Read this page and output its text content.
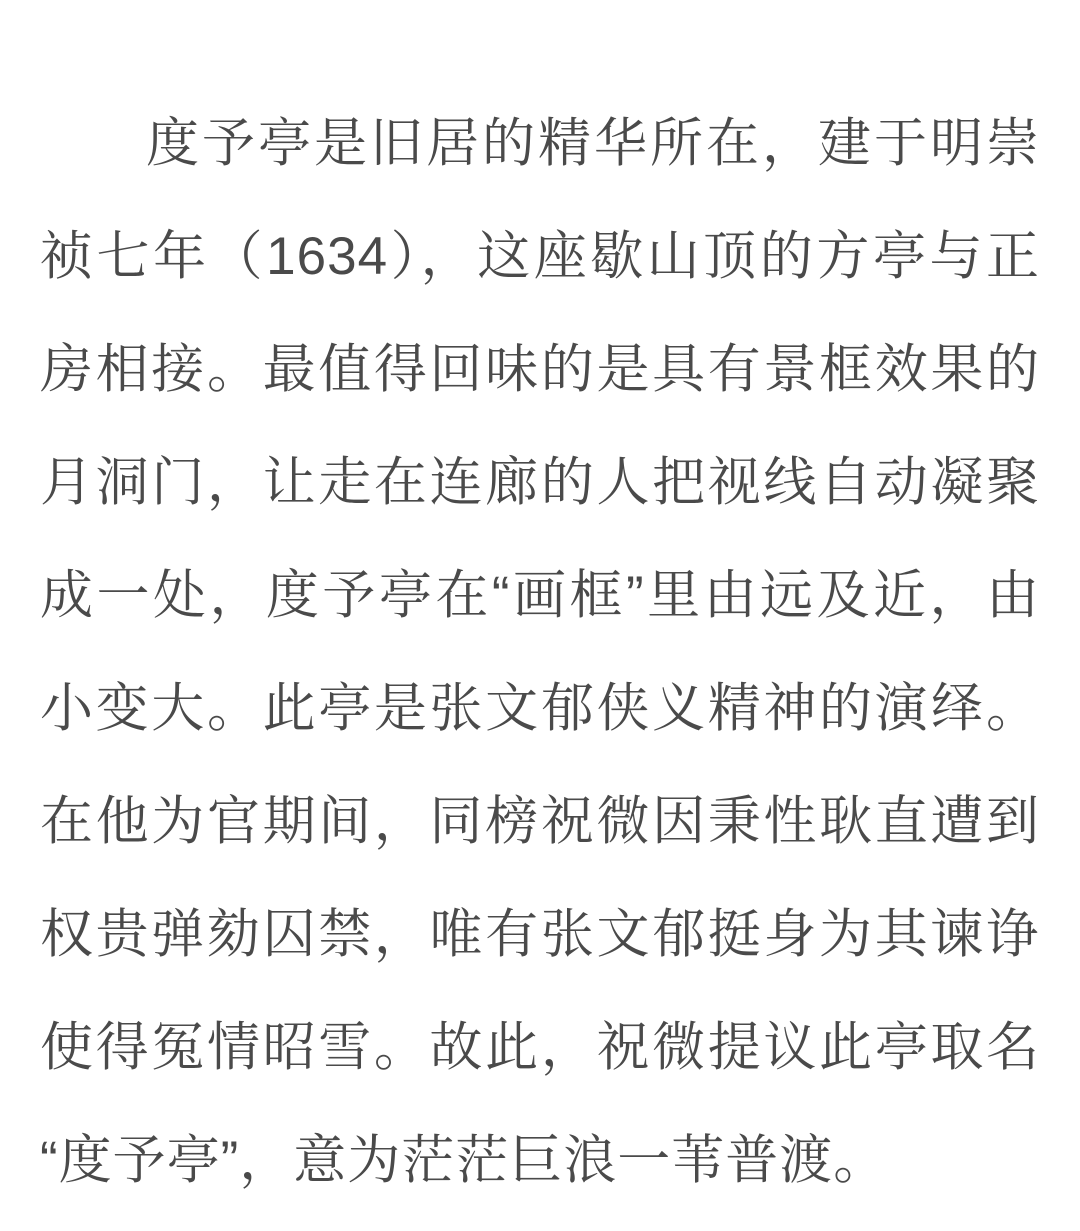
度予亭是旧居的精华所在，建于明崇祯七年（1634），这座歇山顶的方亭与正房相接。最值得回味的是具有景框效果的月洞门，让走在连廊的人把视线自动凝聚成一处，度予亭在“画框”里由远及近，由小变大。此亭是张文郁侠义精神的演绎。在他为官期间，同榜祝微因秉性耿直遭到权贵弹劾囚禁，唯有张文郁挺身为其谏诤使得冤情昭雪。故此，祝微提议此亭取名“度予亭”，意为茫茫巨浪一苇普渡。
